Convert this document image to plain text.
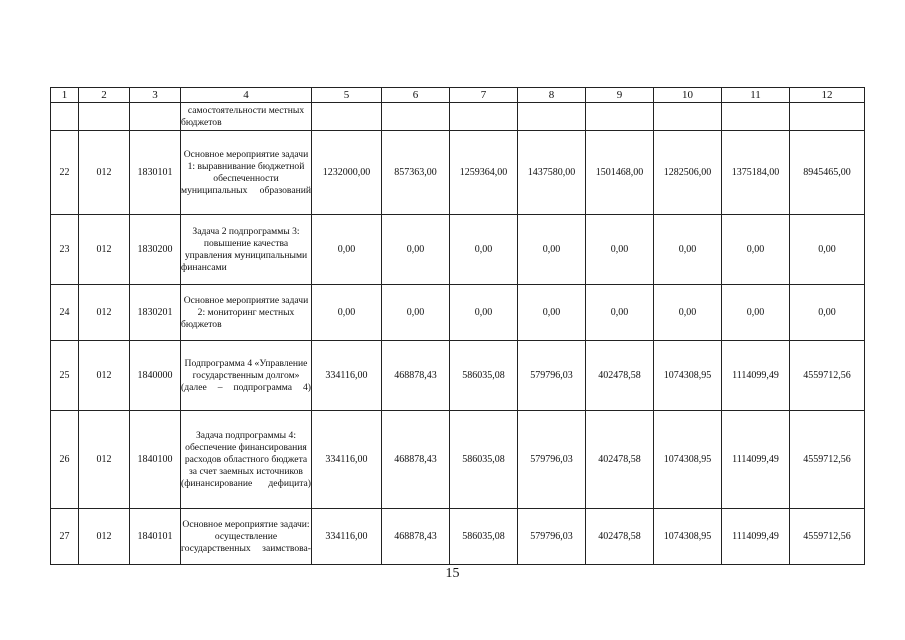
1	2	3	4	5	6	7	8	9	10	11	12
			самостоятельности местных бюджетов								
22	012	1830101	Основное мероприятие задачи 1: выравнивание бюджетной обеспеченности муниципальных образований	1232000,00	857363,00	1259364,00	1437580,00	1501468,00	1282506,00	1375184,00	8945465,00
23	012	1830200	Задача 2 подпрограммы 3: повышение качества управления муниципальными финансами	0,00	0,00	0,00	0,00	0,00	0,00	0,00	0,00
24	012	1830201	Основное мероприятие задачи 2: мониторинг местных бюджетов	0,00	0,00	0,00	0,00	0,00	0,00	0,00	0,00
25	012	1840000	Подпрограмма 4 «Управление государственным долгом» (далее – подпрограмма 4)	334116,00	468878,43	586035,08	579796,03	402478,58	1074308,95	1114099,49	4559712,56
26	012	1840100	Задача подпрограммы 4: обеспечение финансирования расходов областного бюджета за счет заемных источников (финансирование дефицита)	334116,00	468878,43	586035,08	579796,03	402478,58	1074308,95	1114099,49	4559712,56
27	012	1840101	Основное мероприятие задачи: осуществление государственных заимствова-	334116,00	468878,43	586035,08	579796,03	402478,58	1074308,95	1114099,49	4559712,56
15
